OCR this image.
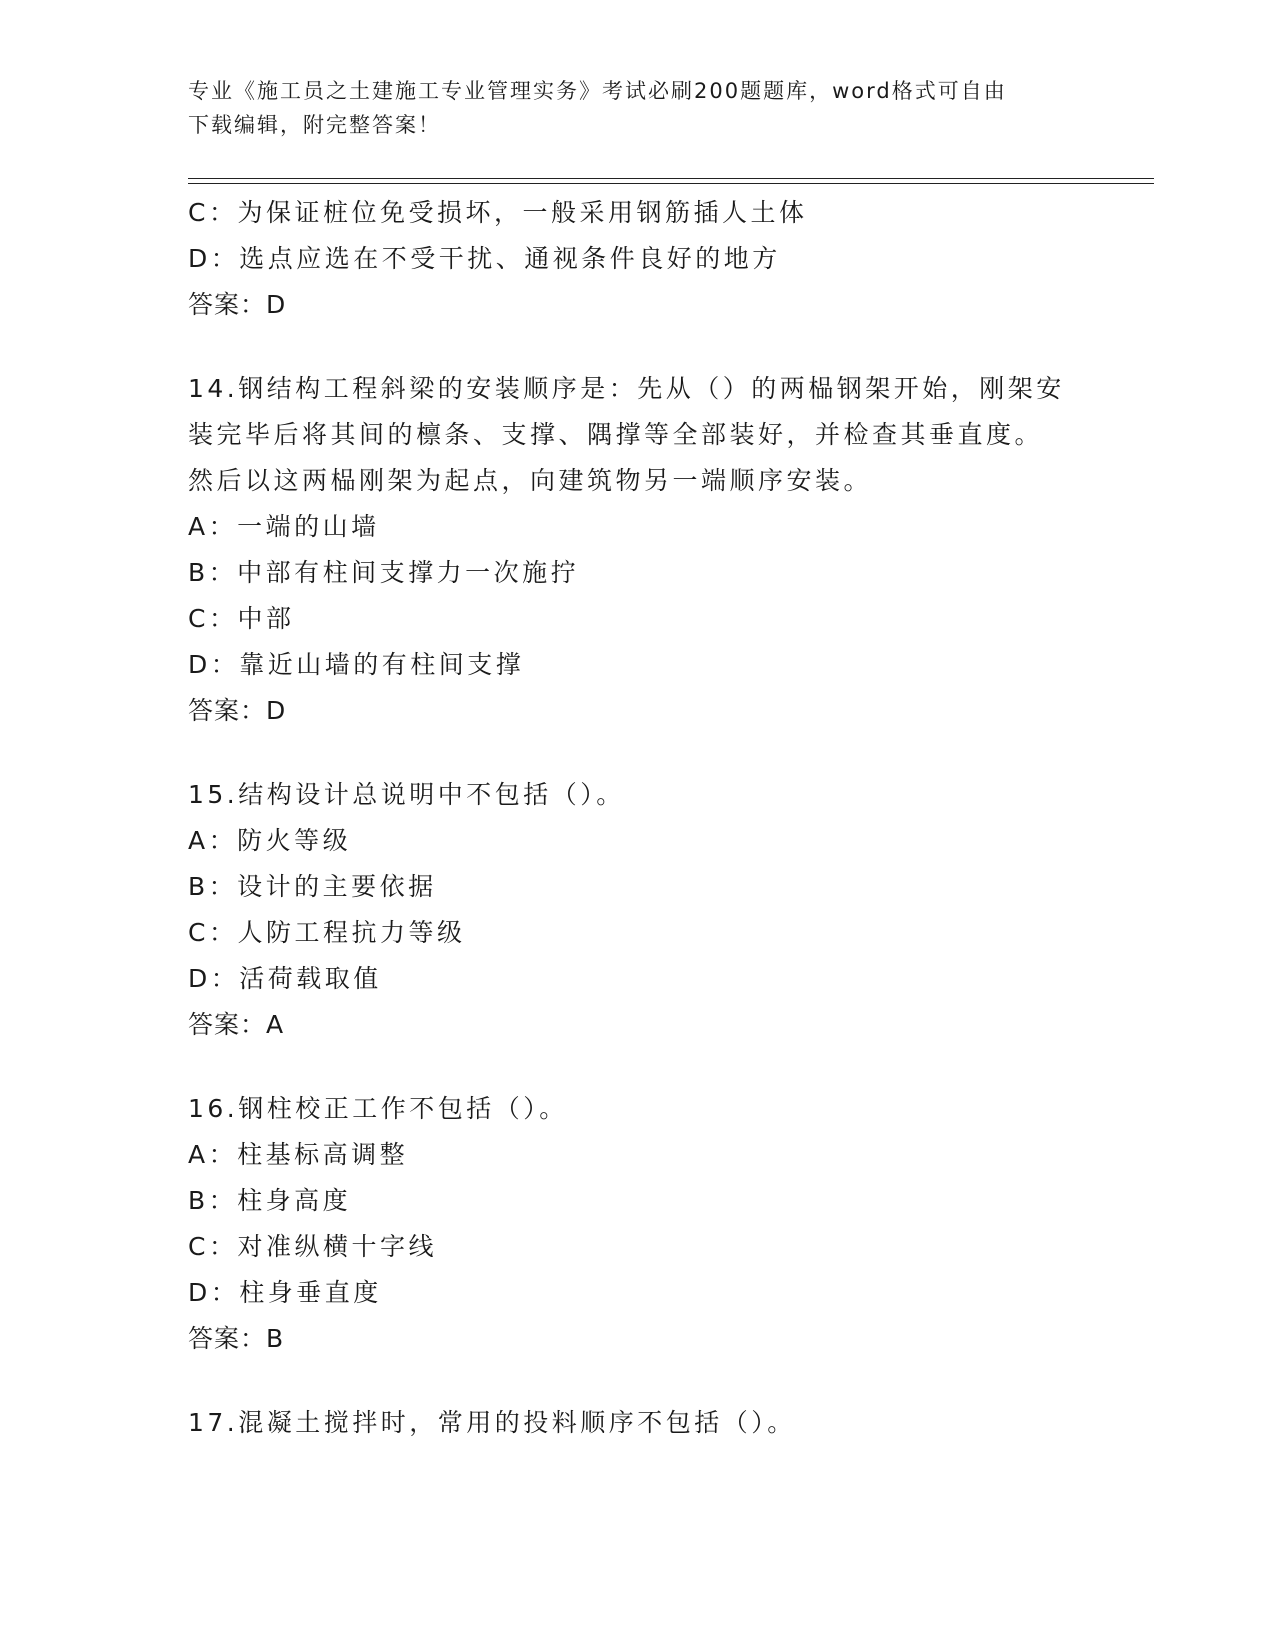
专业《施工员之土建施工专业管理实务》考试必刷200题题库，word格式可自由
下载编辑，附完整答案！

C：为保证桩位免受损坏，一般采用钢筋插人土体

D：选点应选在不受干扰、通视条件良好的地方

答案：D

14.钢结构工程斜梁的安装顺序是：先从（）的两榀钢架开始，刚架安

装完毕后将其间的檩条、支撑、隅撑等全部装好，并检查其垂直度。

然后以这两榀刚架为起点，向建筑物另一端顺序安装。

A：一端的山墙

B：中部有柱间支撑力一次施拧

C：中部

D：靠近山墙的有柱间支撑

答案：D

15.结构设计总说明中不包括（）。

A：防火等级

B：设计的主要依据

C：人防工程抗力等级

D：活荷载取值

答案：A

16.钢柱校正工作不包括（）。

A：柱基标高调整

B：柱身高度

C：对准纵横十字线

D：柱身垂直度

答案：B

17.混凝土搅拌时，常用的投料顺序不包括（）。
